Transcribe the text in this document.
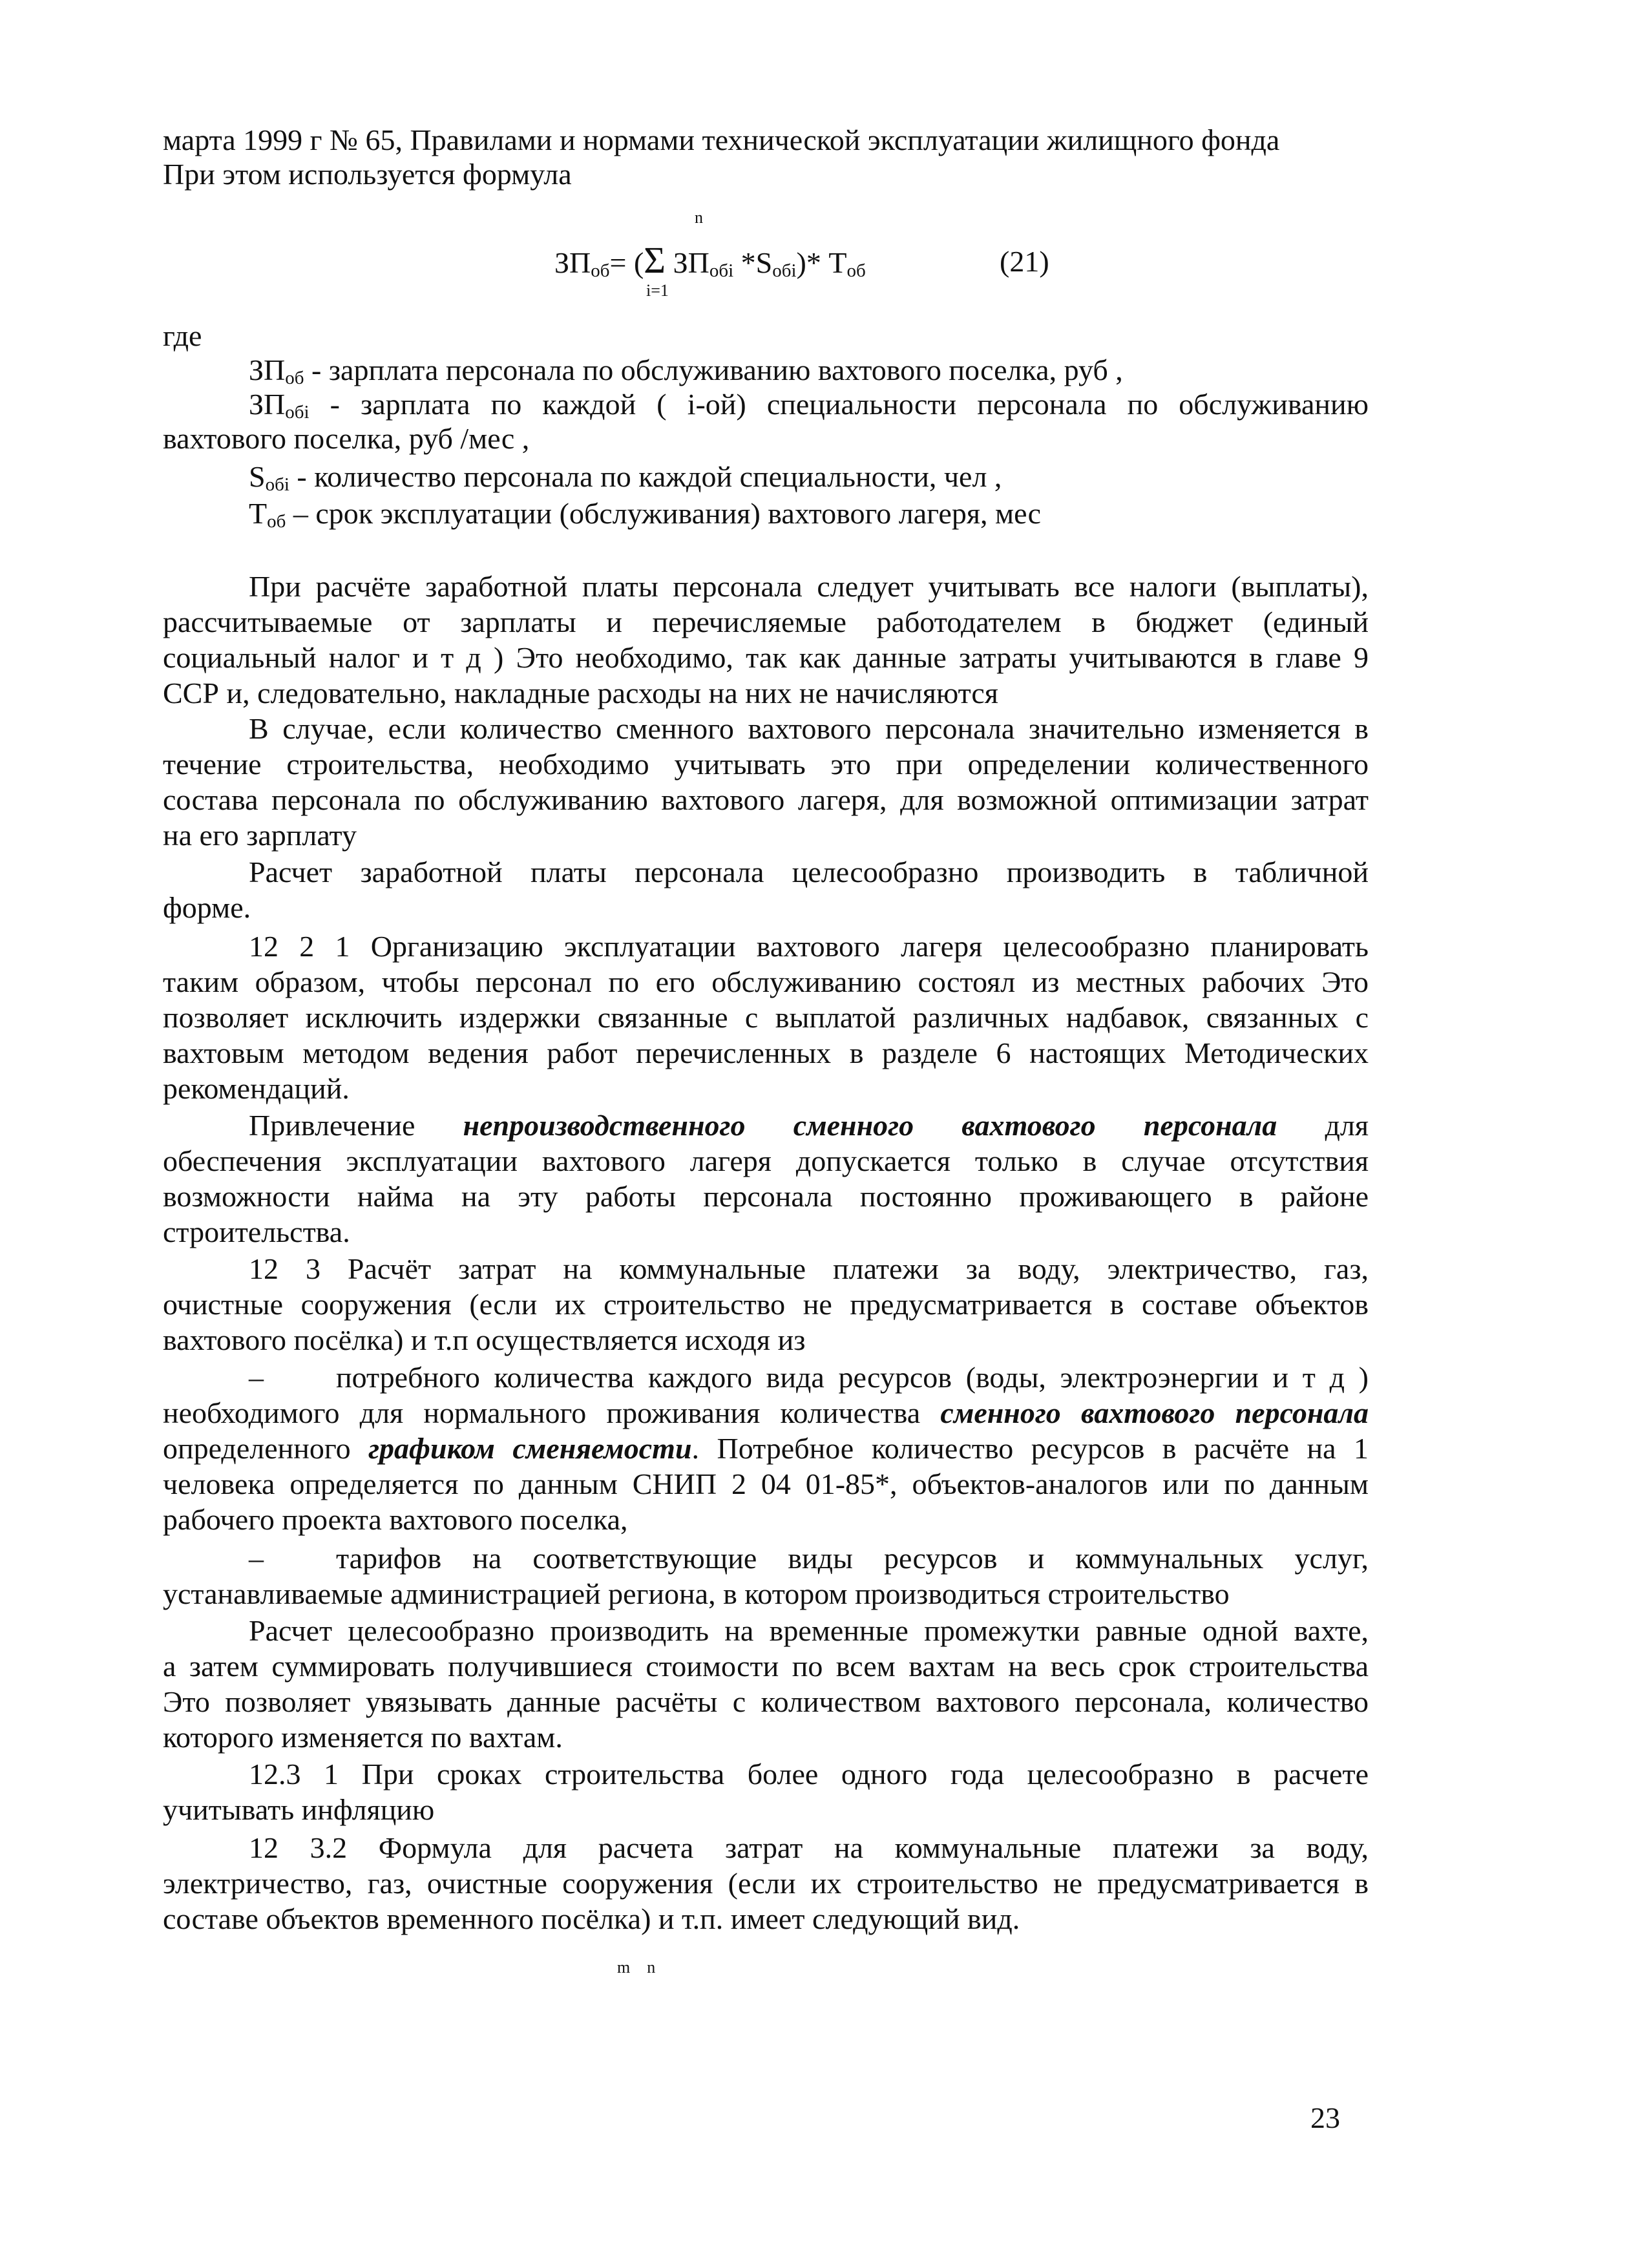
марта 1999 г № 65, Правилами и нормами технической эксплуатации жилищного фонда
При этом используется формула
n
$ЗП_{об}= (\Sigma$ $ЗП_{обi}$ $*S_{обi})*$ $Т_{об}$
i=1
(21)
где
$ЗП_{об}$ - зарплата персонала по обслуживанию вахтового поселка, руб ,
$ЗП_{обi}$ - зарплата по каждой ( i-ой) специальности персонала по обслуживанию
вахтового поселка, руб /мес ,
$S_{обi}$ - количество персонала по каждой специальности, чел ,
$Т_{об}$ – срок эксплуатации (обслуживания) вахтового лагеря, мес
При расчёте заработной платы персонала следует учитывать все налоги (выплаты),
рассчитываемые от зарплаты и перечисляемые работодателем в бюджет (единый
социальный налог и т д ) Это необходимо, так как данные затраты учитываются в главе 9
ССР и, следовательно, накладные расходы на них не начисляются
В случае, если количество сменного вахтового персонала значительно изменяется в
течение строительства, необходимо учитывать это при определении количественного
состава персонала по обслуживанию вахтового лагеря, для возможной оптимизации затрат
на его зарплату
Расчет заработной платы персонала целесообразно производить в табличной
форме.
12 2 1 Организацию эксплуатации вахтового лагеря целесообразно планировать
таким образом, чтобы персонал по его обслуживанию состоял из местных рабочих Это
позволяет исключить издержки связанные с выплатой различных надбавок, связанных с
вахтовым методом ведения работ перечисленных в разделе 6 настоящих Методических
рекомендаций.
Привлечение непроизводственного сменного вахтового персонала для
обеспечения эксплуатации вахтового лагеря допускается только в случае отсутствия
возможности найма на эту работы персонала постоянно проживающего в районе
строительства.
12 3 Расчёт затрат на коммунальные платежи за воду, электричество, газ,
очистные сооружения (если их строительство не предусматривается в составе объектов
вахтового посёлка) и т.п осуществляется исходя из
– потребного количества каждого вида ресурсов (воды, электроэнергии и т д )
необходимого для нормального проживания количества сменного вахтового персонала
определенного графиком сменяемости. Потребное количество ресурсов в расчёте на 1
человека определяется по данным СНИП 2 04 01-85*, объектов-аналогов или по данным
рабочего проекта вахтового поселка,
– тарифов на соответствующие виды ресурсов и коммунальных услуг,
устанавливаемые администрацией региона, в котором производиться строительство
Расчет целесообразно производить на временные промежутки равные одной вахте,
а затем суммировать получившиеся стоимости по всем вахтам на весь срок строительства
Это позволяет увязывать данные расчёты с количеством вахтового персонала, количество
которого изменяется по вахтам.
12.3 1 При сроках строительства более одного года целесообразно в расчете
учитывать инфляцию
12 3.2 Формула для расчета затрат на коммунальные платежи за воду,
электричество, газ, очистные сооружения (если их строительство не предусматривается в
составе объектов временного посёлка) и т.п. имеет следующий вид.
m    n
23
